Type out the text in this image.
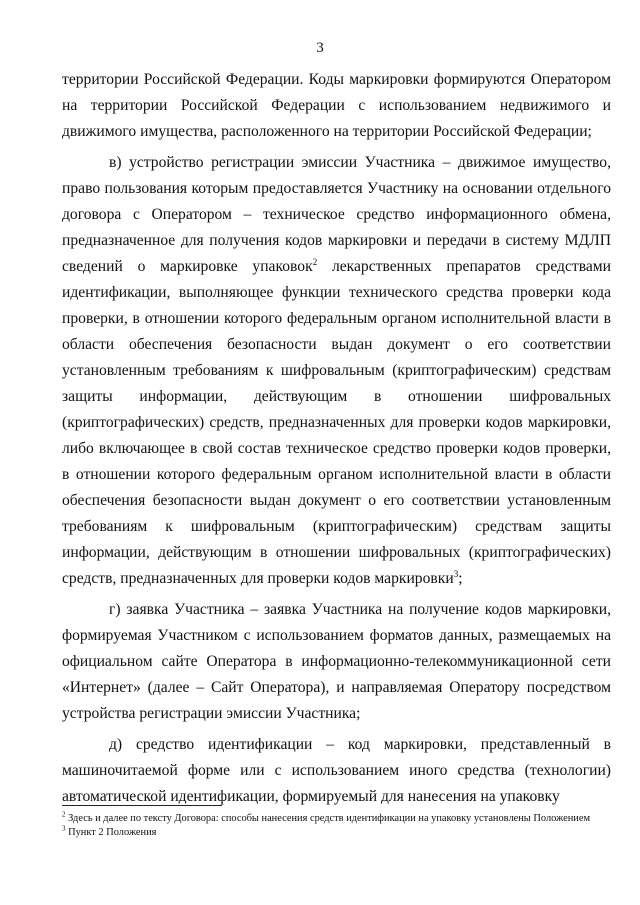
3

территории Российской Федерации. Коды маркировки формируются Оператором на территории Российской Федерации с использованием недвижимого и движимого имущества, расположенного на территории Российской Федерации;

в) устройство регистрации эмиссии Участника – движимое имущество, право пользования которым предоставляется Участнику на основании отдельного договора с Оператором – техническое средство информационного обмена, предназначенное для получения кодов маркировки и передачи в систему МДЛП сведений о маркировке упаковок$^2$ лекарственных препаратов средствами идентификации, выполняющее функции технического средства проверки кода проверки, в отношении которого федеральным органом исполнительной власти в области обеспечения безопасности выдан документ о его соответствии установленным требованиям к шифровальным (криптографическим) средствам защиты информации, действующим в отношении шифровальных (криптографических) средств, предназначенных для проверки кодов маркировки, либо включающее в свой состав техническое средство проверки кодов проверки, в отношении которого федеральным органом исполнительной власти в области обеспечения безопасности выдан документ о его соответствии установленным требованиям к шифровальным (криптографическим) средствам защиты информации, действующим в отношении шифровальных (криптографических) средств, предназначенных для проверки кодов маркировки$^3$;

г) заявка Участника – заявка Участника на получение кодов маркировки, формируемая Участником с использованием форматов данных, размещаемых на официальном сайте Оператора в информационно-телекоммуникационной сети «Интернет» (далее – Сайт Оператора), и направляемая Оператору посредством устройства регистрации эмиссии Участника;

д) средство идентификации – код маркировки, представленный в машиночитаемой форме или с использованием иного средства (технологии) автоматической идентификации, формируемый для нанесения на упаковку

$^2$ Здесь и далее по тексту Договора: способы нанесения средств идентификации на упаковку установлены Положением
$^3$ Пункт 2 Положения
